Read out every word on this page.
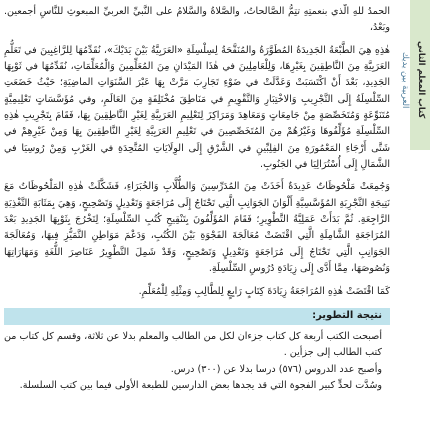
الحمدُ للهِ الَّذي بنعمتِهِ تتِمُّ الصَّالحاتُ، والصَّلاةُ والسَّلامُ على النَّبيِّ العربيِّ المبعوثِ للنَّاسِ أجمعين. وبَعْدُ،

هٰذِهِ هِيَ الطَّبْعَةُ الجَدِيدَةُ المُطَوَّرَةُ والمُنَقَّحَةُ لِسِلْسِلَةِ «العَرَبِيَّةُ بَيْنَ يَدَيْكَ»، نُقَدِّمُهَا لِلرَّاغِبِينَ في تَعَلُّمِ العَرَبِيَّةِ مِنَ النَّاطِقِينَ بِغَيْرِهَا، وَلِلْعَامِلِينَ في هٰذَا المَيْدَانِ مِنَ المُعَلِّمِينَ وَالْمُعَلِّمَاتِ، نُقَدِّمُهَا في ثَوْبِهَا الجَدِيدِ، بَعْدَ أَنْ اكْتَسَبَتْ وَعَدَّلَتْ في ضَوْءِ تَجَارِبَ مَرَّتْ بِهَا عَبْرَ السَّنَوَاتِ الماضِيَةِ؛ حَيْثُ خَضَعَتِ السِّلْسِلَةُ إِلَى التَّجْرِيبِ وَالاخْتِبَارِ وَالتَّقْوِيمِ في مَنَاطِقَ مُخْتَلِفَةٍ مِنَ العَالَمِ، وفي مُؤَسَّسَاتٍ تَعْلِيمِيَّةٍ مُتَنَوِّعَةٍ وَمُتَخَصِّصَةٍ مِنْ جَامِعَاتٍ وَمَعَاهِدَ وَمَرَاكِزَ لِتَعْلِيمِ العَرَبِيَّةِ لِغَيْرِ النَّاطِقِينَ بِهَا، فَقَامَ بِتَجْرِيبِ هٰذِهِ السِّلْسِلَةِ مُؤَلِّفُوهَا وَغَيْرُهُمْ مِنَ المُتَخَصِّصِينَ في تَعْلِيمِ العَرَبِيَّةِ لِغَيْرِ النَّاطِقِينَ بِهَا وَمِنْ غَيْرِهِمْ في شَتَّى أَرْجَاءِ المَعْمُورَةِ مِنَ الفِلِبِّينِ في الشَّرْقِ إِلَى الوِلَايَاتِ المُتَّحِدَةِ في الغَرْبِ وَمِنْ رُوسِيَا في الشَّمَالِ إِلَى أُسْتُرَالِيَا في الجَنُوبِ.

وَجُمِعَتْ مَلْحُوظَاتٌ عَدِيدَةٌ أَخَذَتْ مِنَ المُدَرِّسِينَ وَالطُّلَّابِ وَالخُبَرَاءِ، فَشَكَّلَتْ هٰذِهِ المَلْحُوظَاتُ مَعَ نَتِيجَةِ التَّجْرِبَةِ المُؤَسَّسِيَّةِ أَلْوَانَ الجَوَانِبِ الَّتِي تَحْتَاجُ إِلَى مُرَاجَعَةٍ وَتَعْدِيلٍ وَتَصْحِيحٍ، وَهِيَ بِمَثَابَةِ التَّغْذِيَةِ الرَّاجِعَةِ. ثُمَّ بَدَأَتْ عَمَلِيَّةُ التَّطْوِيرِ؛ فَقَامَ المُؤَلِّفُونَ بِتَنْقِيحِ كُتُبِ السِّلْسِلَةِ؛ لِتَخْرُجَ بِثَوْبِهَا الجَدِيدِ بَعْدَ المُرَاجَعَةِ الشَّامِلَةِ الَّتِي اقْتَضَتْ مُعَالَجَةَ الفَجْوَةِ بَيْنَ الكُتُبِ، وَدَعْمَ مَوَاطِنِ التَّمَيُّزِ فِيهَا، وَمُعَالَجَةَ الجَوَانِبِ الَّتِي تَحْتَاجُ إِلَى مُرَاجَعَةٍ وَتَعْدِيلٍ وَتَصْحِيحٍ، وَقَدْ شَمِلَ التَّطْوِيرُ عَنَاصِرَ اللُّغَةِ وَمَهَارَاتِهَا وَنُصُوصَهَا، مِمَّا أَدَّى إِلَى زِيَادَةِ دُرُوسِ السِّلْسِلَةِ.

كَمَا اقْتَضَتْ هٰذِهِ المُرَاجَعَةُ زِيَادَةَ كِتَابٍ رَابِعٍ لِلطَّالِبِ وَمِثْلِهِ لِلْمُعَلِّمِ.

نتيجة التطوير:
أصبحت الكتب أربعة كل كتاب جزءان لكل من الطالب والمعلم بدلا عن ثلاثة، وقسم كل كتاب من كتب الطالب إلى جزأين .
وأصبح عدد الدروس (٥٧٦) درسا بدلا عن (٣٠٠) درس.
وسُدَّت لحدٍّ كبير الفجوة التي قد يجدها بعض الدارسين للطبعة الأولى فيما بين كتب السلسلة.
العربية بين يديك كتاب المعلم الثاني
